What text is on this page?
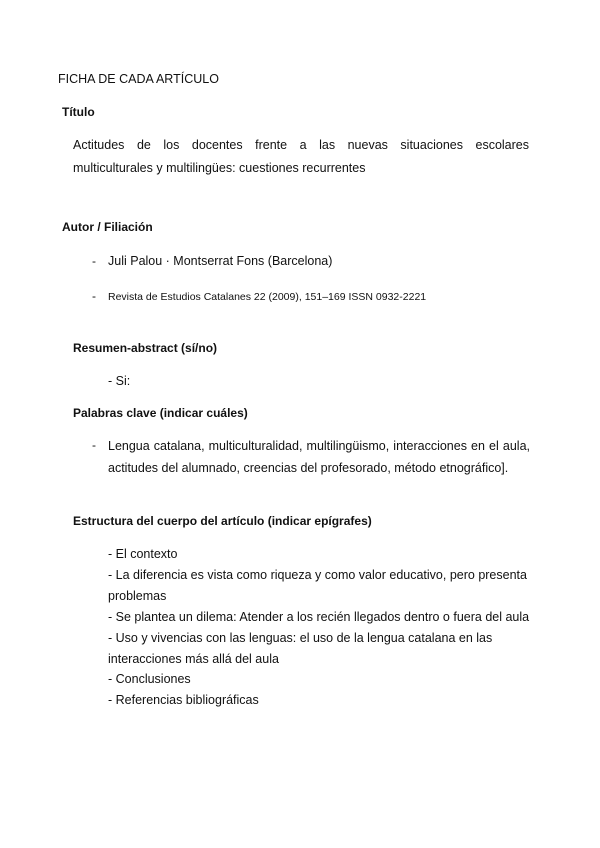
FICHA DE CADA ARTÍCULO
Título
Actitudes de los docentes frente a las nuevas situaciones escolares
multiculturales y multilingües: cuestiones recurrentes
Autor / Filiación
- Juli Palou · Montserrat Fons (Barcelona)
- Revista de Estudios Catalanes 22 (2009), 151–169 ISSN 0932-2221
Resumen-abstract (sí/no)
- Si:
Palabras clave (indicar cuáles)
- Lengua catalana, multiculturalidad, multilingüismo, interacciones en el aula,
actitudes del alumnado, creencias del profesorado, método etnográfico].
Estructura del cuerpo del artículo (indicar epígrafes)
- El contexto
- La diferencia es vista como riqueza y como valor educativo, pero presenta
problemas
- Se plantea un dilema: Atender a los recién llegados dentro o fuera del aula
- Uso y vivencias con las lenguas: el uso de la lengua catalana en las
interacciones más allá del aula
- Conclusiones
- Referencias bibliográficas
